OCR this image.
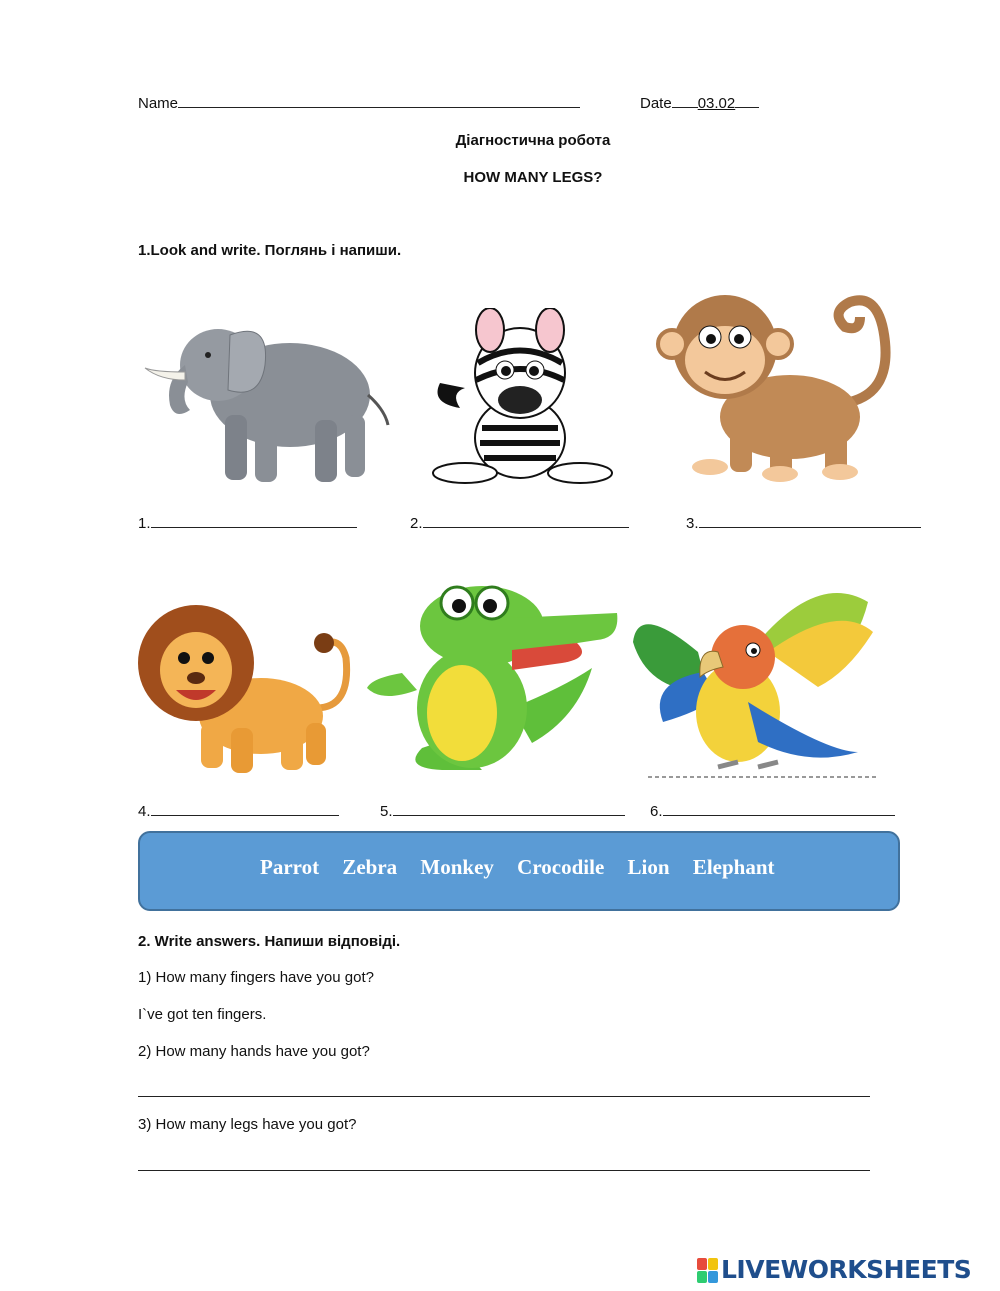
Name	Date 03.02
Діагностична робота
HOW MANY LEGS?
1.Look and write. Поглянь і напиши.
1.	2.	3.
4.	5.	6.
Parrot Zebra Monkey Crocodile Lion Elephant
2. Write answers. Напиши відповіді.
1) How many fingers have you got?
I`ve got ten fingers.
2) How many hands have you got?
3) How many legs have you got?
LIVEWORKSHEETS
